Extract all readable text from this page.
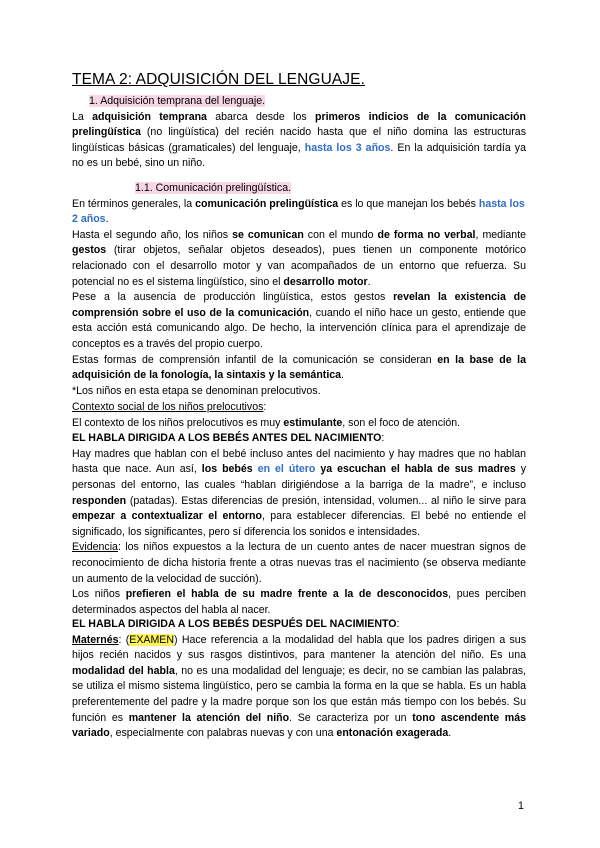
TEMA 2: ADQUISICIÓN DEL LENGUAJE.
1. Adquisición temprana del lenguaje.
La adquisición temprana abarca desde los primeros indicios de la comunicación prelingüística (no lingüística) del recién nacido hasta que el niño domina las estructuras lingüísticas básicas (gramaticales) del lenguaje, hasta los 3 años. En la adquisición tardía ya no es un bebé, sino un niño.
1.1. Comunicación prelingüística.
En términos generales, la comunicación prelingüística es lo que manejan los bebés hasta los 2 años.
Hasta el segundo año, los niños se comunican con el mundo de forma no verbal, mediante gestos (tirar objetos, señalar objetos deseados), pues tienen un componente motórico relacionado con el desarrollo motor y van acompañados de un entorno que refuerza. Su potencial no es el sistema lingüístico, sino el desarrollo motor.
Pese a la ausencia de producción lingüística, estos gestos revelan la existencia de comprensión sobre el uso de la comunicación, cuando el niño hace un gesto, entiende que esta acción está comunicando algo. De hecho, la intervención clínica para el aprendizaje de conceptos es a través del propio cuerpo.
Estas formas de comprensión infantil de la comunicación se consideran en la base de la adquisición de la fonología, la sintaxis y la semántica.
*Los niños en esta etapa se denominan prelocutivos.
Contexto social de los niños prelocutivos:
El contexto de los niños prelocutivos es muy estimulante, son el foco de atención.
EL HABLA DIRIGIDA A LOS BEBÉS ANTES DEL NACIMIENTO:
Hay madres que hablan con el bebé incluso antes del nacimiento y hay madres que no hablan hasta que nace. Aun así, los bebés en el útero ya escuchan el habla de sus madres y personas del entorno, las cuales “hablan dirigiéndose a la barriga de la madre”, e incluso responden (patadas). Estas diferencias de presión, intensidad, volumen... al niño le sirve para empezar a contextualizar el entorno, para establecer diferencias. El bebé no entiende el significado, los significantes, pero sí diferencia los sonidos e intensidades.
Evidencia: los niños expuestos a la lectura de un cuento antes de nacer muestran signos de reconocimiento de dicha historia frente a otras nuevas tras el nacimiento (se observa mediante un aumento de la velocidad de succión).
Los niños prefieren el habla de su madre frente a la de desconocidos, pues perciben determinados aspectos del habla al nacer.
EL HABLA DIRIGIDA A LOS BEBÉS DESPUÉS DEL NACIMIENTO:
Maternés: (EXAMEN) Hace referencia a la modalidad del habla que los padres dirigen a sus hijos recién nacidos y sus rasgos distintivos, para mantener la atención del niño. Es una modalidad del habla, no es una modalidad del lenguaje; es decir, no se cambian las palabras, se utiliza el mismo sistema lingüístico, pero se cambia la forma en la que se habla. Es un habla preferentemente del padre y la madre porque son los que están más tiempo con los bebés. Su función es mantener la atención del niño. Se caracteriza por un tono ascendente más variado, especialmente con palabras nuevas y con una entonación exagerada.
1
